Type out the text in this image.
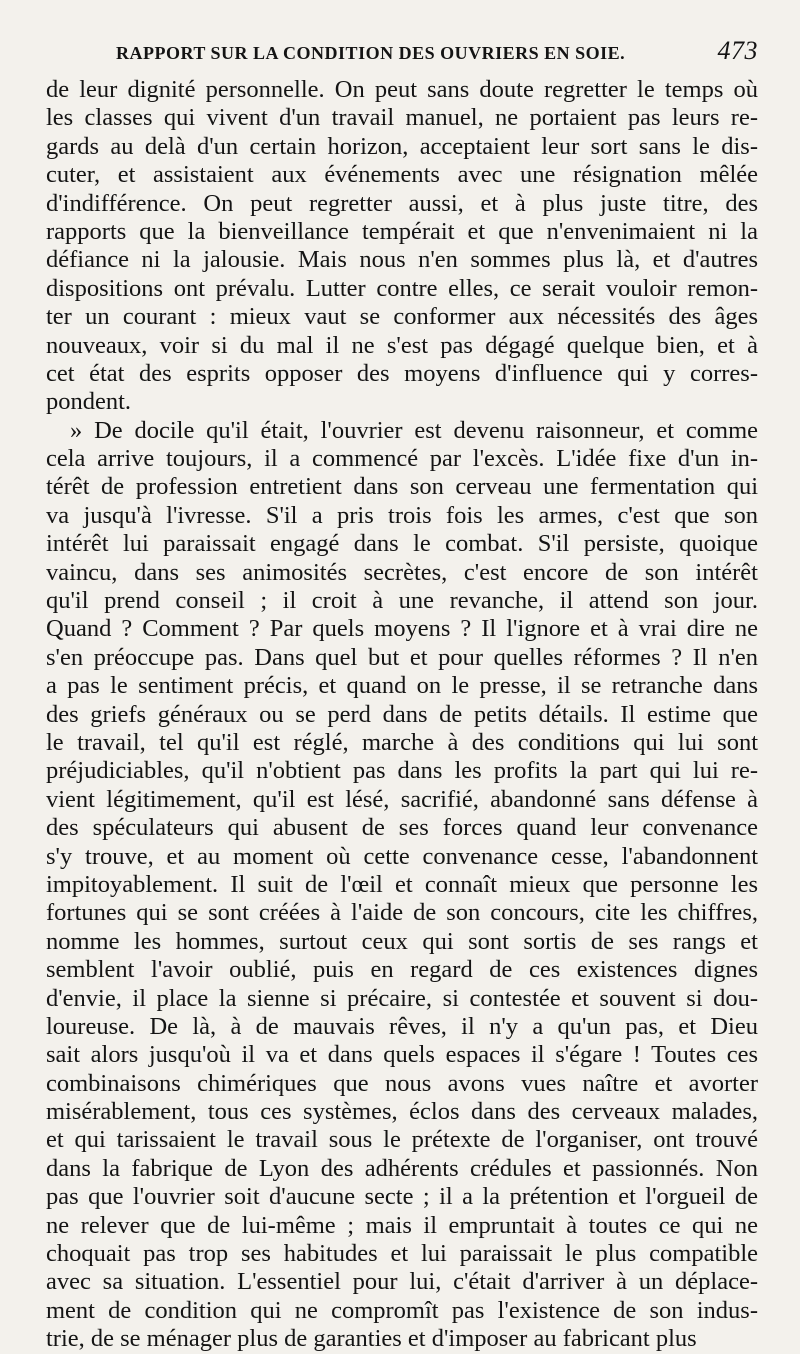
RAPPORT SUR LA CONDITION DES OUVRIERS EN SOIE.	473
de leur dignité personnelle. On peut sans doute regretter le temps où
les classes qui vivent d'un travail manuel, ne portaient pas leurs re-
gards au delà d'un certain horizon, acceptaient leur sort sans le dis-
cuter, et assistaient aux événements avec une résignation mêlée
d'indifférence. On peut regretter aussi, et à plus juste titre, des
rapports que la bienveillance tempérait et que n'envenimaient ni la
défiance ni la jalousie. Mais nous n'en sommes plus là, et d'autres
dispositions ont prévalu. Lutter contre elles, ce serait vouloir remon-
ter un courant : mieux vaut se conformer aux nécessités des âges
nouveaux, voir si du mal il ne s'est pas dégagé quelque bien, et à
cet état des esprits opposer des moyens d'influence qui y corres-
pondent.
» De docile qu'il était, l'ouvrier est devenu raisonneur, et comme
cela arrive toujours, il a commencé par l'excès. L'idée fixe d'un in-
térêt de profession entretient dans son cerveau une fermentation qui
va jusqu'à l'ivresse. S'il a pris trois fois les armes, c'est que son
intérêt lui paraissait engagé dans le combat. S'il persiste, quoique
vaincu, dans ses animosités secrètes, c'est encore de son intérêt
qu'il prend conseil ; il croit à une revanche, il attend son jour.
Quand ? Comment ? Par quels moyens ? Il l'ignore et à vrai dire ne
s'en préoccupe pas. Dans quel but et pour quelles réformes ? Il n'en
a pas le sentiment précis, et quand on le presse, il se retranche dans
des griefs généraux ou se perd dans de petits détails. Il estime que
le travail, tel qu'il est réglé, marche à des conditions qui lui sont
préjudiciables, qu'il n'obtient pas dans les profits la part qui lui re-
vient légitimement, qu'il est lésé, sacrifié, abandonné sans défense à
des spéculateurs qui abusent de ses forces quand leur convenance
s'y trouve, et au moment où cette convenance cesse, l'abandonnent
impitoyablement. Il suit de l'œil et connaît mieux que personne les
fortunes qui se sont créées à l'aide de son concours, cite les chiffres,
nomme les hommes, surtout ceux qui sont sortis de ses rangs et
semblent l'avoir oublié, puis en regard de ces existences dignes
d'envie, il place la sienne si précaire, si contestée et souvent si dou-
loureuse. De là, à de mauvais rêves, il n'y a qu'un pas, et Dieu
sait alors jusqu'où il va et dans quels espaces il s'égare ! Toutes ces
combinaisons chimériques que nous avons vues naître et avorter
misérablement, tous ces systèmes, éclos dans des cerveaux malades,
et qui tarissaient le travail sous le prétexte de l'organiser, ont trouvé
dans la fabrique de Lyon des adhérents crédules et passionnés. Non
pas que l'ouvrier soit d'aucune secte ; il a la prétention et l'orgueil de
ne relever que de lui-même ; mais il empruntait à toutes ce qui ne
choquait pas trop ses habitudes et lui paraissait le plus compatible
avec sa situation. L'essentiel pour lui, c'était d'arriver à un déplace-
ment de condition qui ne compromît pas l'existence de son indus-
trie, de se ménager plus de garanties et d'imposer au fabricant plus
